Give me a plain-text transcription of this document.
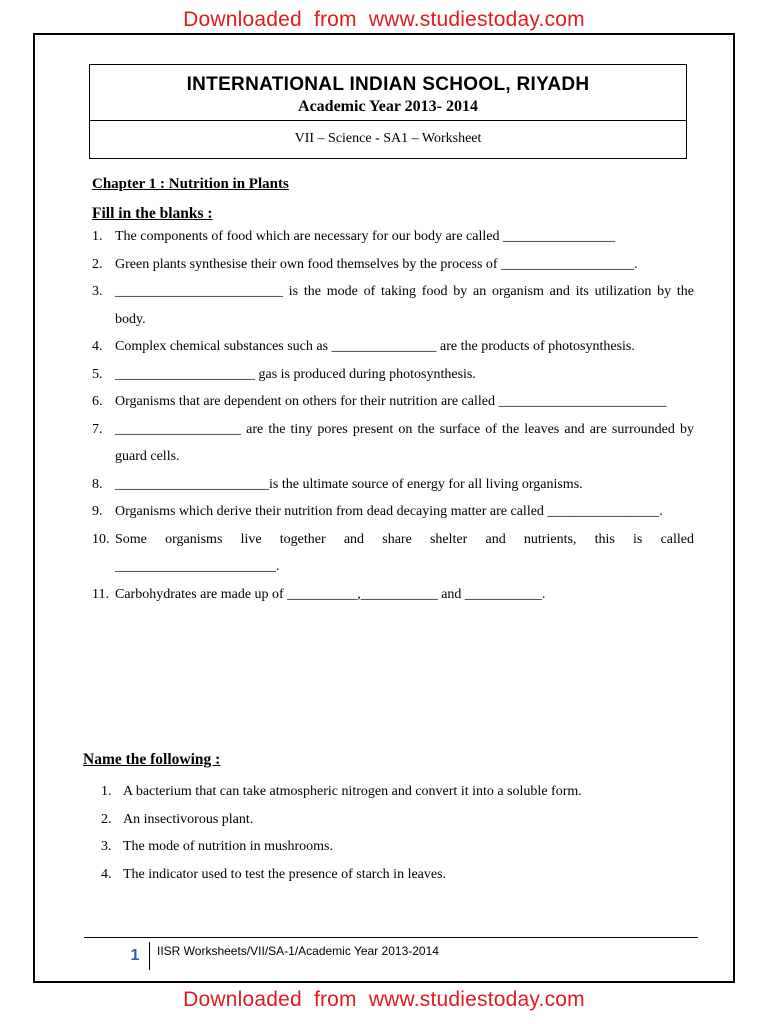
Downloaded  from  www.studiestoday.com
INTERNATIONAL INDIAN SCHOOL, RIYADH
Academic Year 2013- 2014
VII – Science - SA1 – Worksheet
Chapter 1 : Nutrition in Plants
Fill in the blanks :
1. The components of food which are necessary for our body are called ________________
2. Green plants synthesise their own food themselves by the process of ___________________.
3. ________________________ is the mode of taking food by an organism and its utilization by the body.
4. Complex chemical substances such as _______________ are the products of photosynthesis.
5. ____________________ gas is produced during photosynthesis.
6. Organisms that are dependent on others for their nutrition are called ________________________
7. __________________ are the tiny pores present on the surface of the leaves and are surrounded by guard cells.
8. ______________________is the ultimate source of energy for all living organisms.
9. Organisms which derive their nutrition from dead decaying matter are called ________________.
10. Some organisms live together and share shelter and nutrients, this is called _______________________.
11. Carbohydrates are made up of __________,___________ and ___________.
Name the following :
1. A bacterium that can take atmospheric nitrogen and convert it into a soluble form.
2. An insectivorous plant.
3. The mode of nutrition in mushrooms.
4. The indicator used to test the presence of starch in leaves.
1	IISR Worksheets/VII/SA-1/Academic Year 2013-2014
Downloaded  from  www.studiestoday.com
